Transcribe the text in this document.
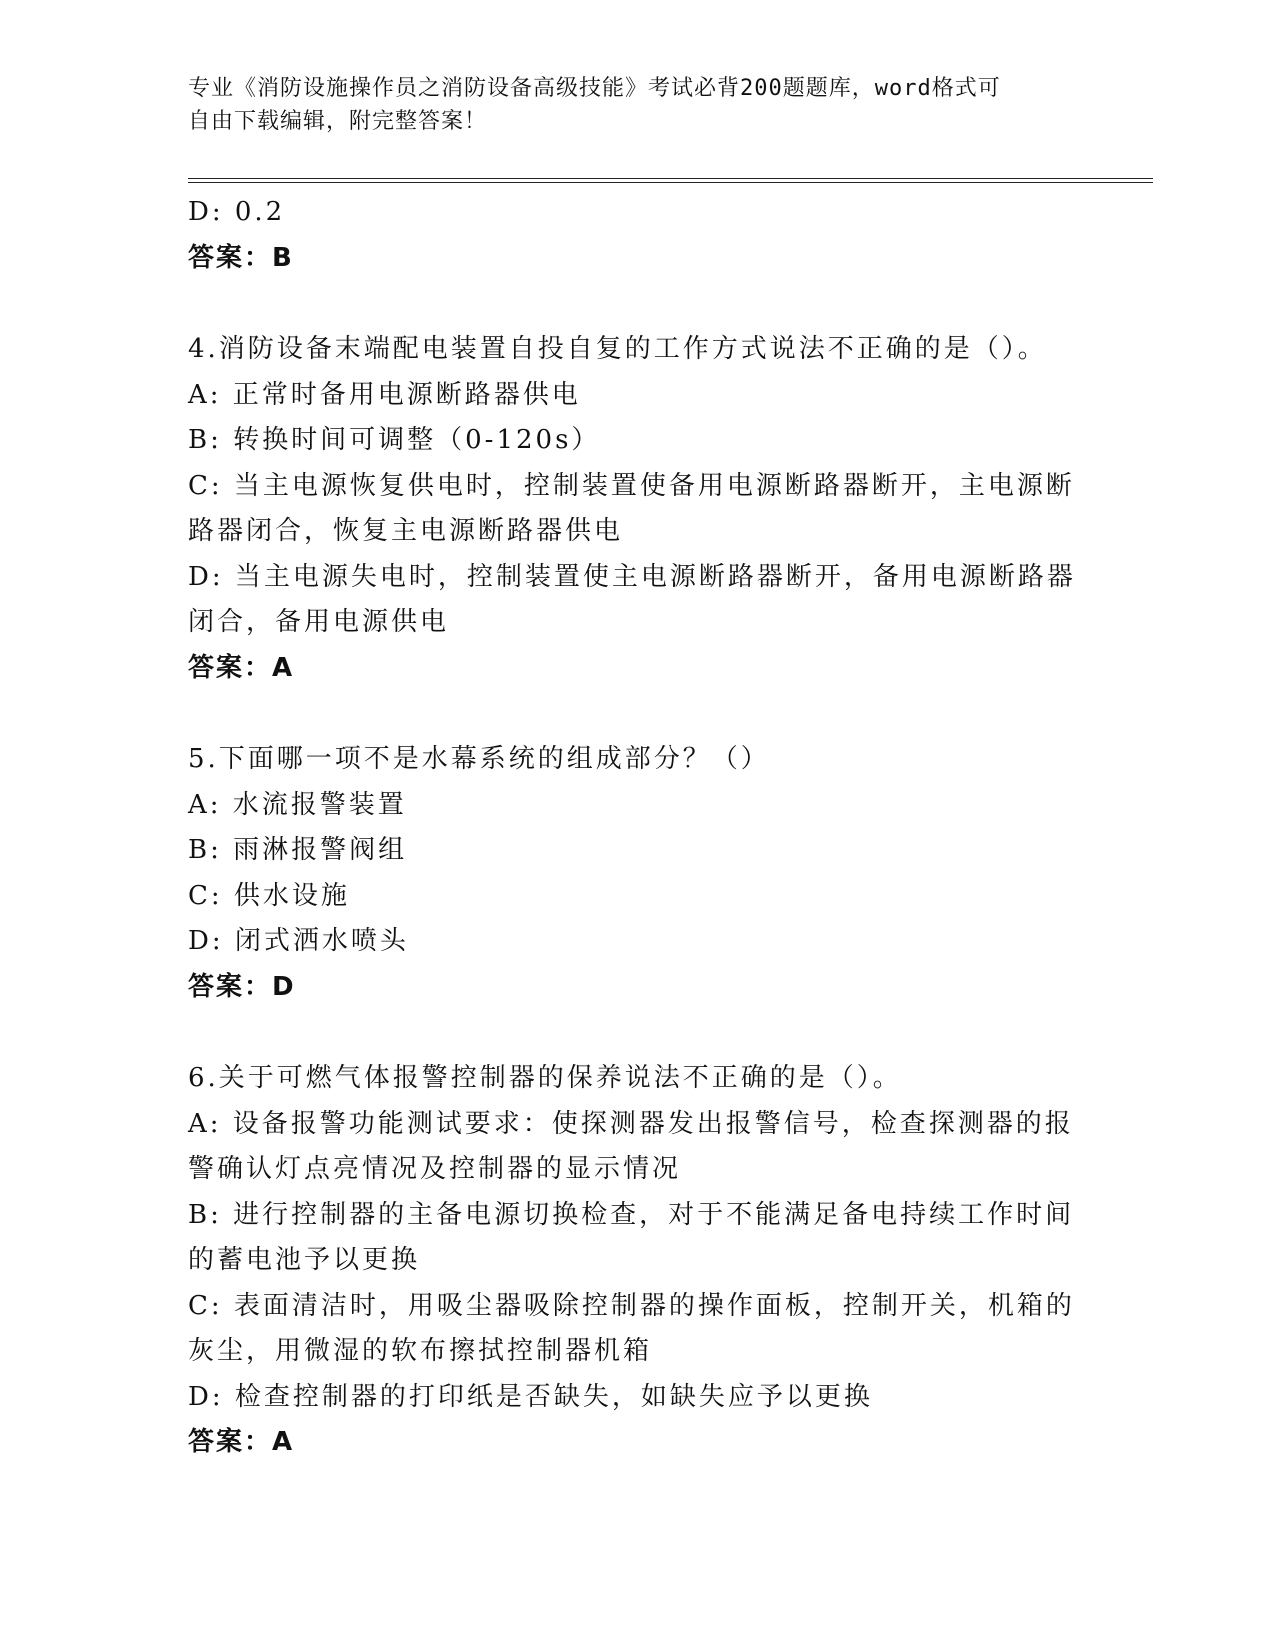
专业《消防设施操作员之消防设备高级技能》考试必背200题题库，word格式可
自由下载编辑，附完整答案！
D: 0.2
答案：B
4.消防设备末端配电装置自投自复的工作方式说法不正确的是（）。
A: 正常时备用电源断路器供电
B: 转换时间可调整（0-120s）
C: 当主电源恢复供电时，控制装置使备用电源断路器断开，主电源断
路器闭合，恢复主电源断路器供电
D: 当主电源失电时，控制装置使主电源断路器断开，备用电源断路器
闭合，备用电源供电
答案：A
5.下面哪一项不是水幕系统的组成部分？（）
A: 水流报警装置
B: 雨淋报警阀组
C: 供水设施
D: 闭式洒水喷头
答案：D
6.关于可燃气体报警控制器的保养说法不正确的是（）。
A: 设备报警功能测试要求：使探测器发出报警信号，检查探测器的报
警确认灯点亮情况及控制器的显示情况
B: 进行控制器的主备电源切换检查，对于不能满足备电持续工作时间
的蓄电池予以更换
C: 表面清洁时，用吸尘器吸除控制器的操作面板，控制开关，机箱的
灰尘，用微湿的软布擦拭控制器机箱
D: 检查控制器的打印纸是否缺失，如缺失应予以更换
答案：A
